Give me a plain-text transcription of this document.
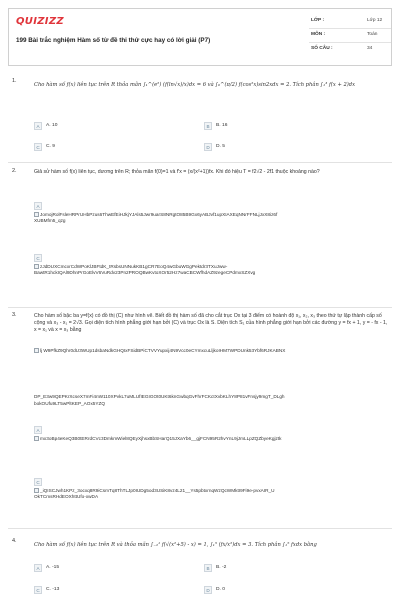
QUIZIZZ
199 Bài trắc nghiệm Hàm số từ đề thi thử cực hay có lời giải (P7)
LỚP :	Lớp 12
MÔN :	Toán
SỐ CÂU :	34
1.
Cho hàm số f(x) liên tục trên R thỏa mãn ∫₁^(e²) (f(ln√x)/x)dx = 6 và ∫₀^(π/2) f(cos²x)sin2xdx = 2. Tích phân ∫₁³ f(x + 2)dx
A	A. 10	B	B. 16
C	C. 9	D	D. 5
2.	Giả sử hàm số f(x) liên tục, dương trên R; thỏa mãn f(0)=1 và f'x = (x/(x²+1))fx. Khi đó hiệu T = f2√2 - 2f1 thuộc khoảng nào?
A
JomojRolFsleHRPrUHbPzus6ThwEfEiHJkjYJAls5Jwr9uarS8NRgtO85B9Gx6yABJvf1upXIAXEqNNrFFNLjJxX8iz6f
XUBMfm5_qzg
C
zJdDUXCmcxrCdWPoKlJBFtdK_tRsbsUNNukKB1gCR7EoQ4wGbuWGgPektdr3TXuJww-
BawtR1hckIQAl9DhnPrGoElvV6VuRdv23Pn2PROQBwKvtoXOr52Hz7waCBCWfhdAZ9zegeCPdmxSZXvg
3.	Cho hàm số bậc ba y=f(x) có đồ thị (C) như hình vẽ. Biết đồ thị hàm số đã cho cắt trục Ox tại 3 điểm có hoành độ x₁, x₂, x₃ theo thứ tự lập thành cấp số cộng và x₃ - x₁ = 2√3. Gọi diện tích hình phẳng giới hạn bởi (C) và trục Ox là S. Diện tích S₁ của hình phẳng giới hạn bởi các đường y = fx + 1, y = - fx - 1, x = x₁ và x = x₃ bằng
lj W9PfkZ9Qhr0dU3WUp1dsbaNdkGHQIxFSidBPiCTVVYupxij4N9Vcc0eCYmxcuLljkoIHM7WPDUnk53Ybf6RJKABNX
DP_E3w9QEPKrXcseX7mFi4nW110XPvkL7uMLUfIEGIGOt0UKt6knGwbqGvFhrFCKctXvbKLhY8P81vFnsjy9mgT_DLgh
bokOUfu9LT5wPltKEP_AOx5YZQ
A
mx3oBp4eKeQ3B0tERrdCVc3DmkmWiel8QEyXjhsxBbSHarQ15JXaYb6__gjFCN95R2hvYnL9jJmLLpZQZbyeKgjztk
C
_iQISCJwh1KPz_3ocxq8R9iCsmTq8ThTLJp0IUDg5od3USiK8vz4L21__Ys5pbtxrnqWzQcWMktI9Fi9e-pvxAIR_U
OkTCmsRHdEOXhttUfo-xwDA
4.
Cho hàm số f(x) liên tục trên R và thỏa mãn ∫₋₂¹ f(√(x²+5) - x) = 1, ∫₁⁵ (fx/x²)dx = 3. Tích phân ∫₁⁵ fxdx bằng
A	A. -15	B	B. -2
C	C. -13	D	D. 0
